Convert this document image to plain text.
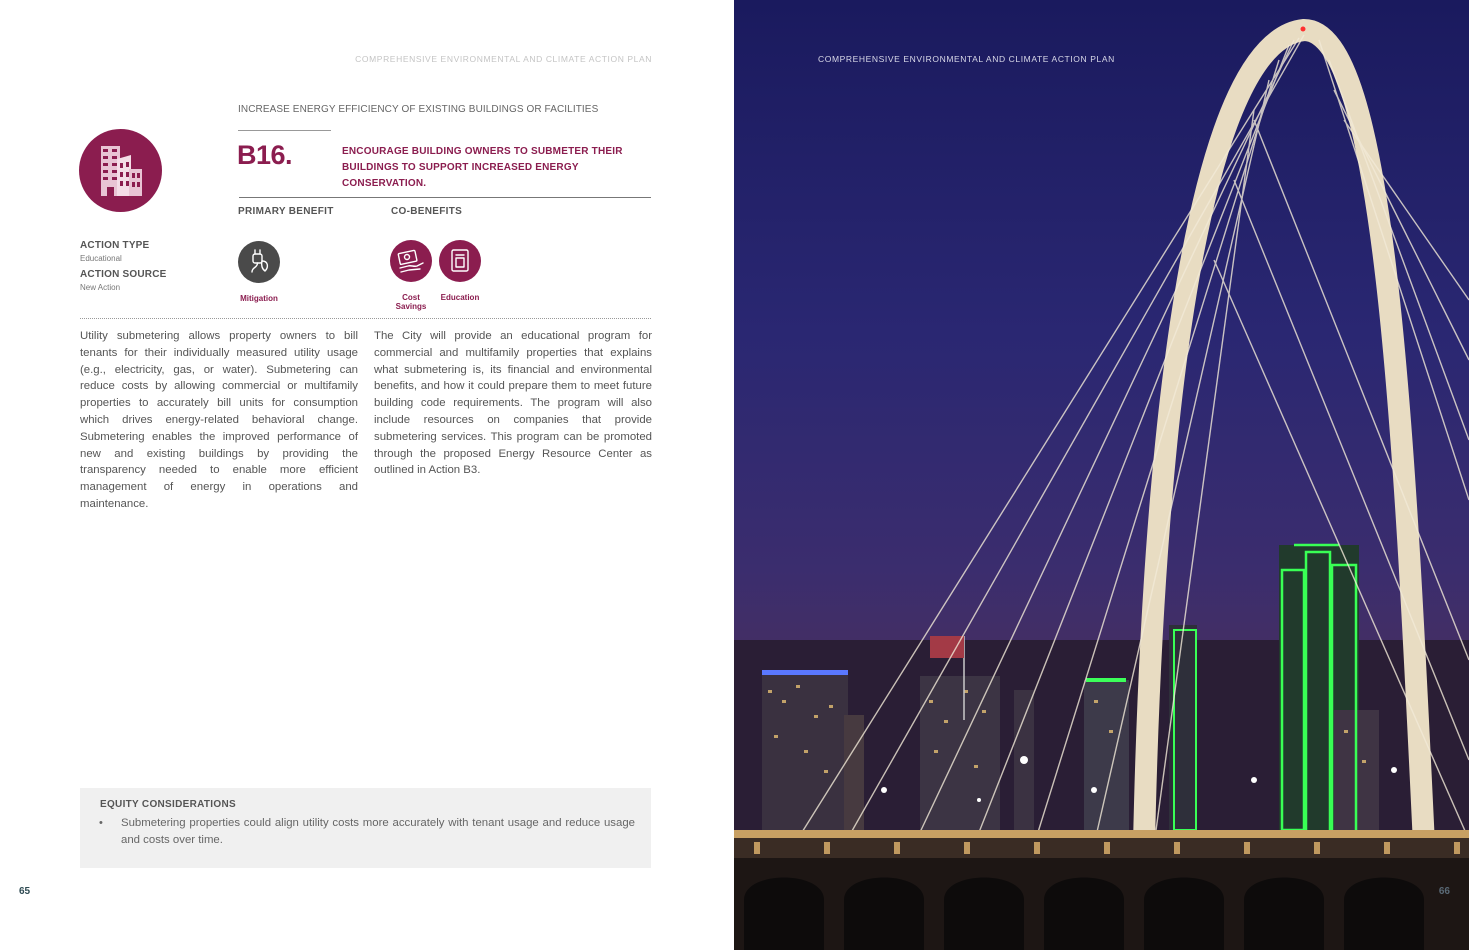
COMPREHENSIVE ENVIRONMENTAL AND CLIMATE ACTION PLAN
INCREASE ENERGY EFFICIENCY OF EXISTING BUILDINGS OR FACILITIES
B16.	ENCOURAGE BUILDING OWNERS TO SUBMETER THEIR BUILDINGS TO SUPPORT INCREASED ENERGY CONSERVATION.
PRIMARY BENEFIT	CO-BENEFITS
ACTION TYPE
Educational
ACTION SOURCE
New Action
Mitigation	Cost
Savings
Education

Utility submetering allows property owners to bill tenants for their individually measured utility usage (e.g., electricity, gas, or water). Submetering can reduce costs by allowing commercial or multifamily properties to accurately bill units for consumption which drives energy-related behavioral change. Submetering enables the improved performance of new and existing buildings by providing the transparency needed to enable more efficient management of energy in operations and maintenance.

The City will provide an educational program for commercial and multifamily properties that explains what submetering is, its financial and environmental benefits, and how it could prepare them to meet future building code requirements. The program will also include resources on companies that provide submetering services. This program can be promoted through the proposed Energy Resource Center as outlined in Action B3.

EQUITY CONSIDERATIONS
• Submetering properties could align utility costs more accurately with tenant usage and reduce usage and costs over time.

65
COMPREHENSIVE ENVIRONMENTAL AND CLIMATE ACTION PLAN
66
